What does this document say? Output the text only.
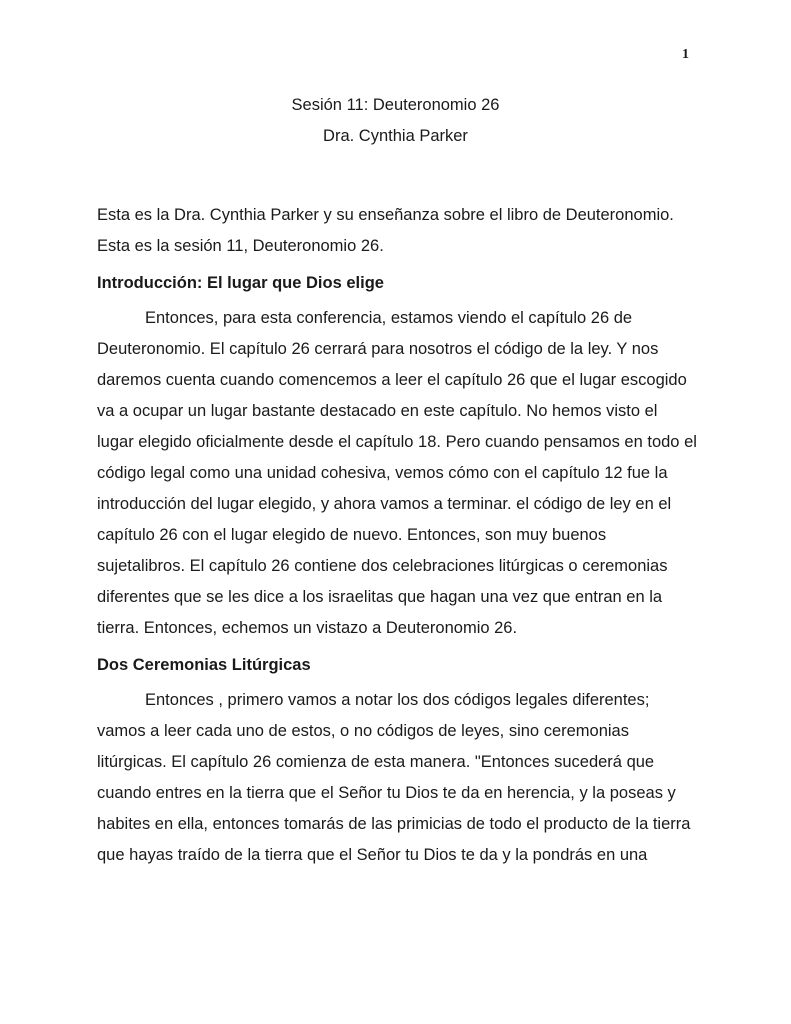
1
Sesión 11: Deuteronomio 26
Dra. Cynthia Parker

Esta es la Dra. Cynthia Parker y su enseñanza sobre el libro de Deuteronomio. Esta es la sesión 11, Deuteronomio 26.

Introducción: El lugar que Dios elige

Entonces, para esta conferencia, estamos viendo el capítulo 26 de Deuteronomio. El capítulo 26 cerrará para nosotros el código de la ley. Y nos daremos cuenta cuando comencemos a leer el capítulo 26 que el lugar escogido va a ocupar un lugar bastante destacado en este capítulo. No hemos visto el lugar elegido oficialmente desde el capítulo 18. Pero cuando pensamos en todo el código legal como una unidad cohesiva, vemos cómo con el capítulo 12 fue la introducción del lugar elegido, y ahora vamos a terminar. el código de ley en el capítulo 26 con el lugar elegido de nuevo. Entonces, son muy buenos sujetalibros. El capítulo 26 contiene dos celebraciones litúrgicas o ceremonias diferentes que se les dice a los israelitas que hagan una vez que entran en la tierra. Entonces, echemos un vistazo a Deuteronomio 26.

Dos Ceremonias Litúrgicas

Entonces , primero vamos a notar los dos códigos legales diferentes; vamos a leer cada uno de estos, o no códigos de leyes, sino ceremonias litúrgicas. El capítulo 26 comienza de esta manera. "Entonces sucederá que cuando entres en la tierra que el Señor tu Dios te da en herencia, y la poseas y habites en ella, entonces tomarás de las primicias de todo el producto de la tierra que hayas traído de la tierra que el Señor tu Dios te da y la pondrás en una
